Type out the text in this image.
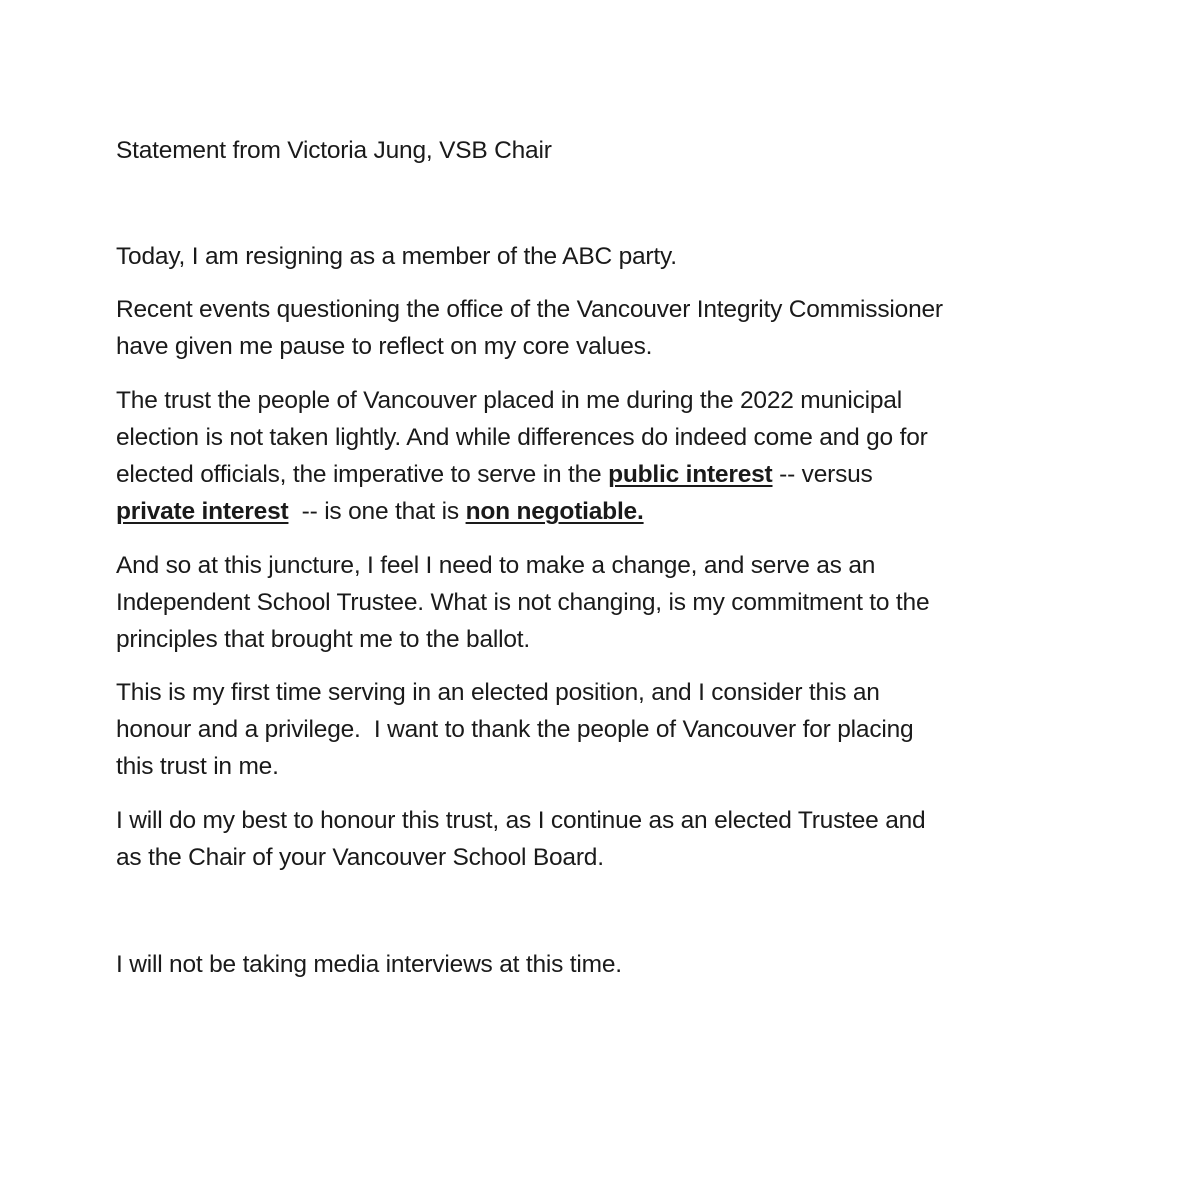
Statement from Victoria Jung, VSB Chair

Today, I am resigning as a member of the ABC party.

Recent events questioning the office of the Vancouver Integrity Commissioner
have given me pause to reflect on my core values.

The trust the people of Vancouver placed in me during the 2022 municipal
election is not taken lightly. And while differences do indeed come and go for
elected officials, the imperative to serve in the public interest -- versus
private interest  -- is one that is non negotiable.

And so at this juncture, I feel I need to make a change, and serve as an
Independent School Trustee. What is not changing, is my commitment to the
principles that brought me to the ballot.

This is my first time serving in an elected position, and I consider this an
honour and a privilege.  I want to thank the people of Vancouver for placing
this trust in me.

I will do my best to honour this trust, as I continue as an elected Trustee and
as the Chair of your Vancouver School Board.

I will not be taking media interviews at this time.
